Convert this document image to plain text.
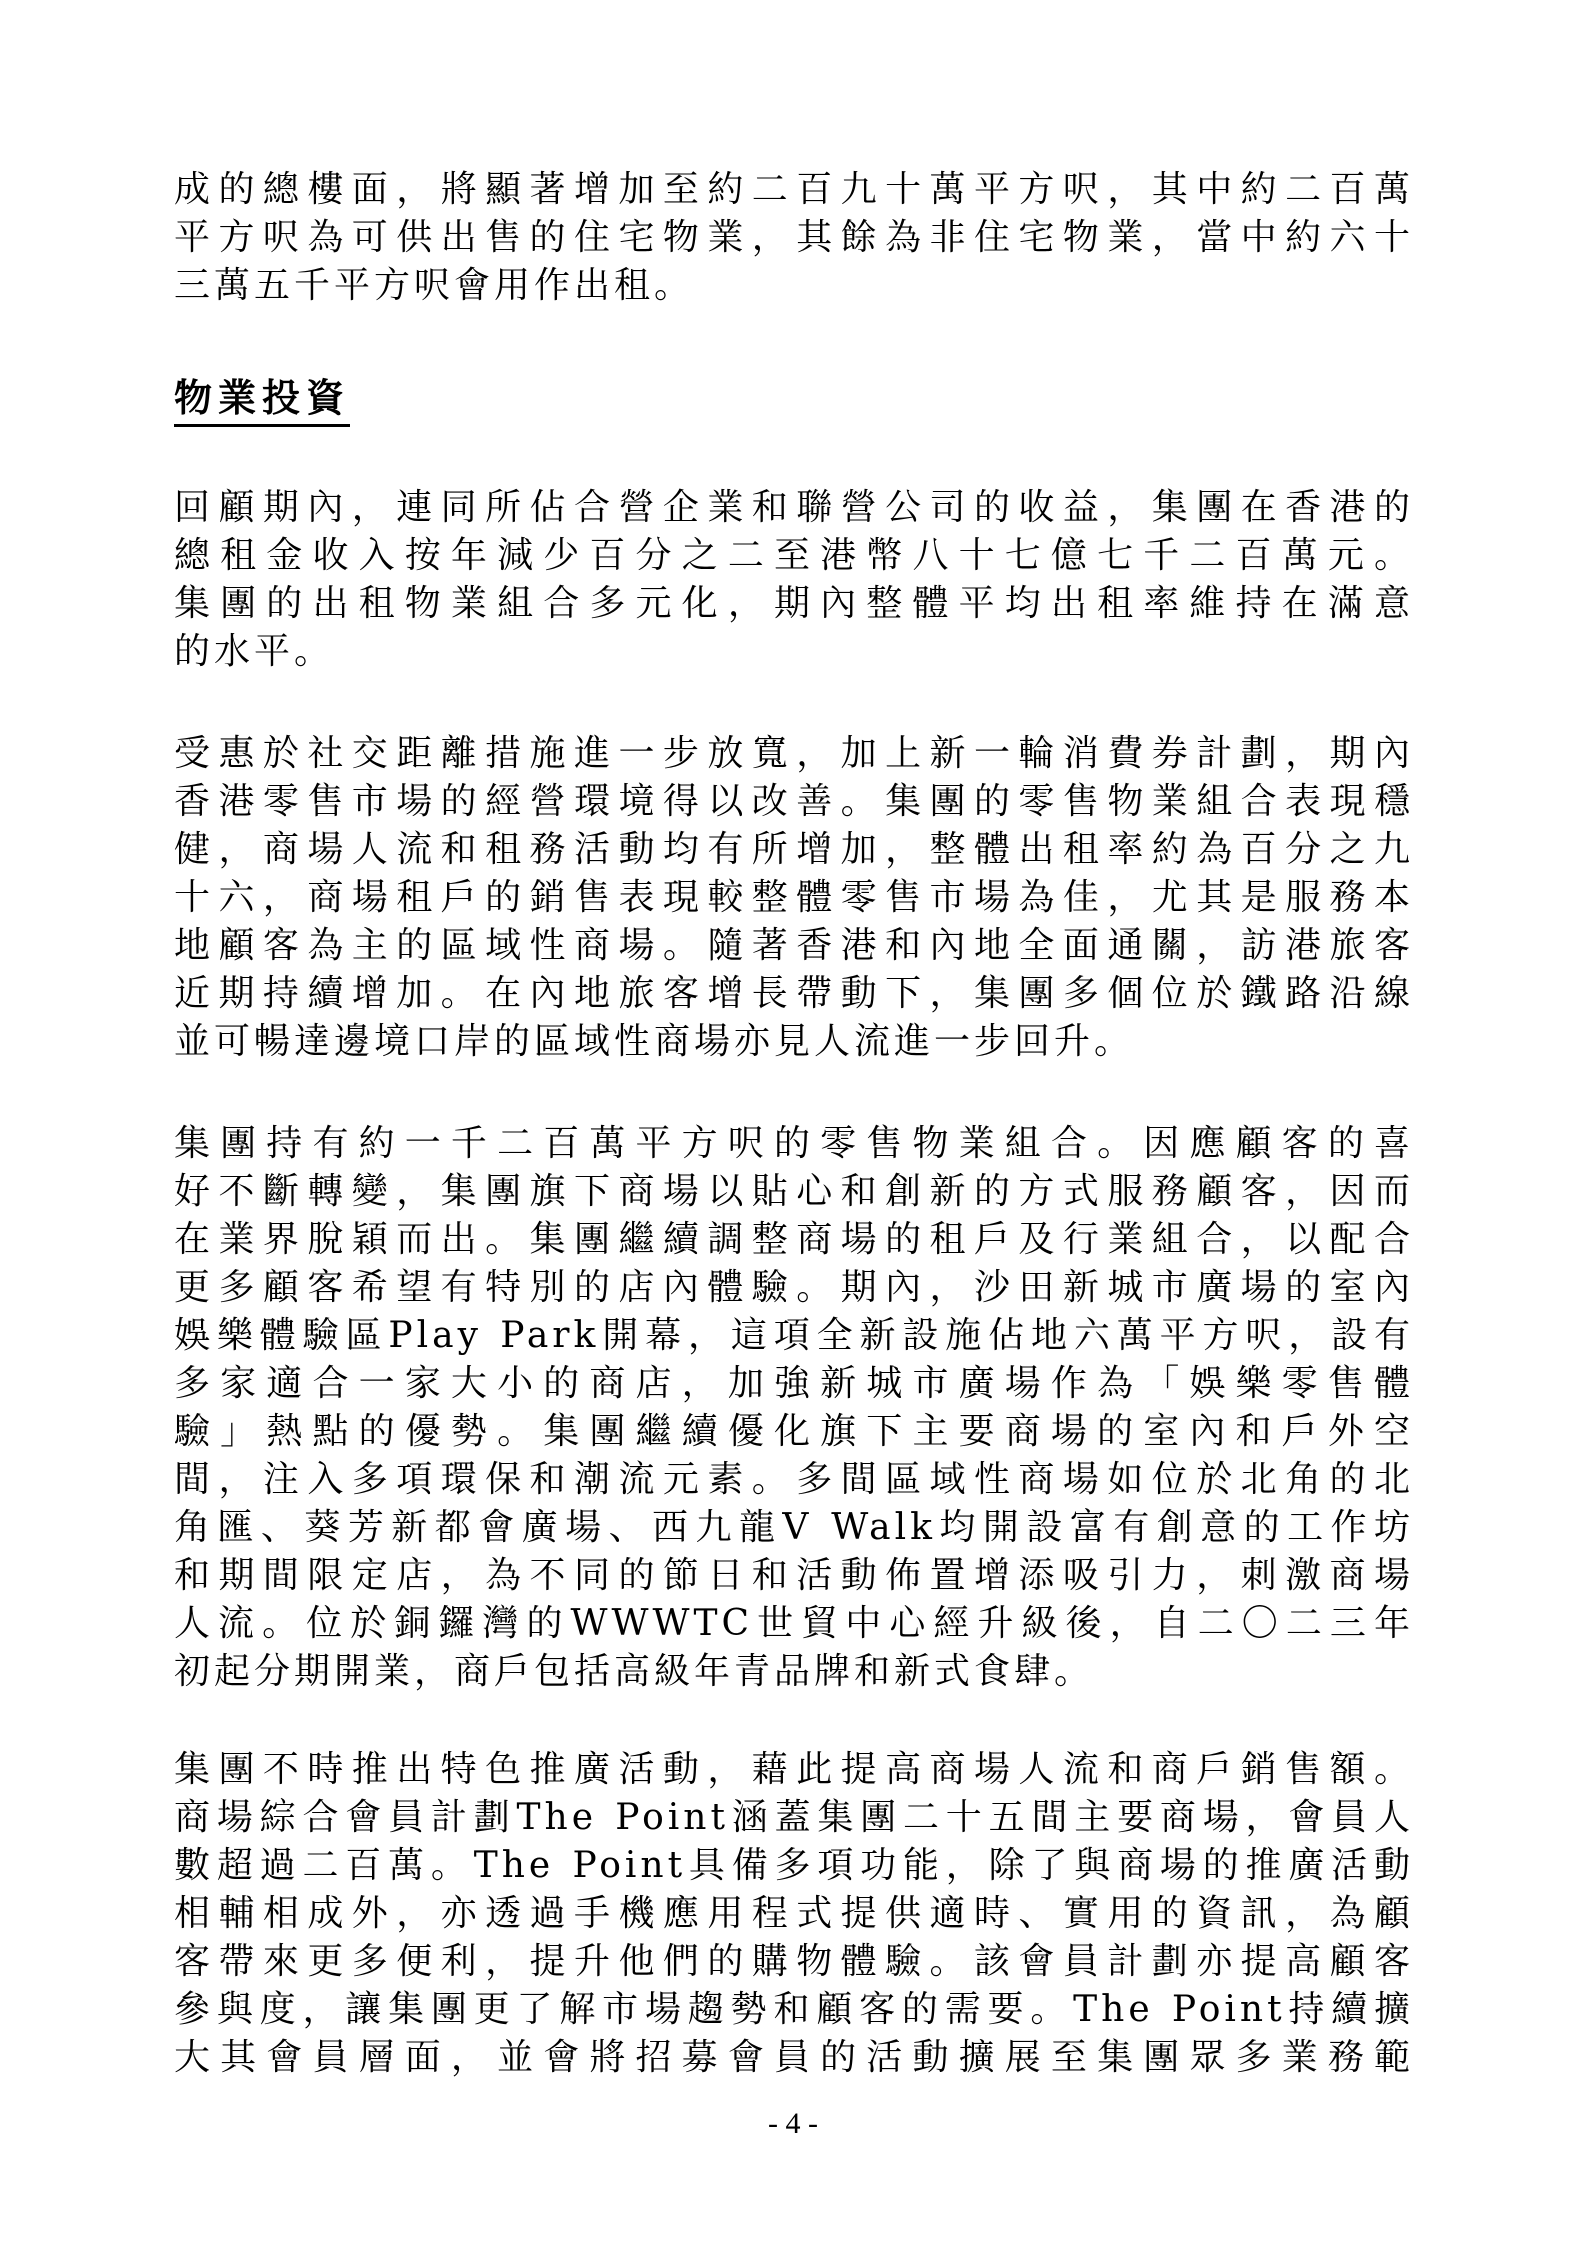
成的總樓面，將顯著增加至約二百九十萬平方呎，其中約二百萬
平方呎為可供出售的住宅物業，其餘為非住宅物業，當中約六十
三萬五千平方呎會用作出租。
物業投資
回顧期內，連同所佔合營企業和聯營公司的收益，集團在香港的
總租金收入按年減少百分之二至港幣八十七億七千二百萬元。
集團的出租物業組合多元化，期內整體平均出租率維持在滿意
的水平。
受惠於社交距離措施進一步放寬，加上新一輪消費券計劃，期內
香港零售市場的經營環境得以改善。集團的零售物業組合表現穩
健，商場人流和租務活動均有所增加，整體出租率約為百分之九
十六，商場租戶的銷售表現較整體零售市場為佳，尤其是服務本
地顧客為主的區域性商場。隨著香港和內地全面通關，訪港旅客
近期持續增加。在內地旅客增長帶動下，集團多個位於鐵路沿線
並可暢達邊境口岸的區域性商場亦見人流進一步回升。
集團持有約一千二百萬平方呎的零售物業組合。因應顧客的喜
好不斷轉變，集團旗下商場以貼心和創新的方式服務顧客，因而
在業界脫穎而出。集團繼續調整商場的租戶及行業組合，以配合
更多顧客希望有特別的店內體驗。期內，沙田新城市廣場的室內
娛樂體驗區Play Park開幕，這項全新設施佔地六萬平方呎，設有
多家適合一家大小的商店，加強新城市廣場作為「娛樂零售體
驗」熱點的優勢。集團繼續優化旗下主要商場的室內和戶外空
間，注入多項環保和潮流元素。多間區域性商場如位於北角的北
角匯、葵芳新都會廣場、西九龍V Walk均開設富有創意的工作坊
和期間限定店，為不同的節日和活動佈置增添吸引力，刺激商場
人流。位於銅鑼灣的WWWTC世貿中心經升級後，自二〇二三年
初起分期開業，商戶包括高級年青品牌和新式食肆。
集團不時推出特色推廣活動，藉此提高商場人流和商戶銷售額。
商場綜合會員計劃The Point涵蓋集團二十五間主要商場，會員人
數超過二百萬。The Point具備多項功能，除了與商場的推廣活動
相輔相成外，亦透過手機應用程式提供適時、實用的資訊，為顧
客帶來更多便利，提升他們的購物體驗。該會員計劃亦提高顧客
參與度，讓集團更了解市場趨勢和顧客的需要。The Point持續擴
大其會員層面，並會將招募會員的活動擴展至集團眾多業務範
- 4 -
